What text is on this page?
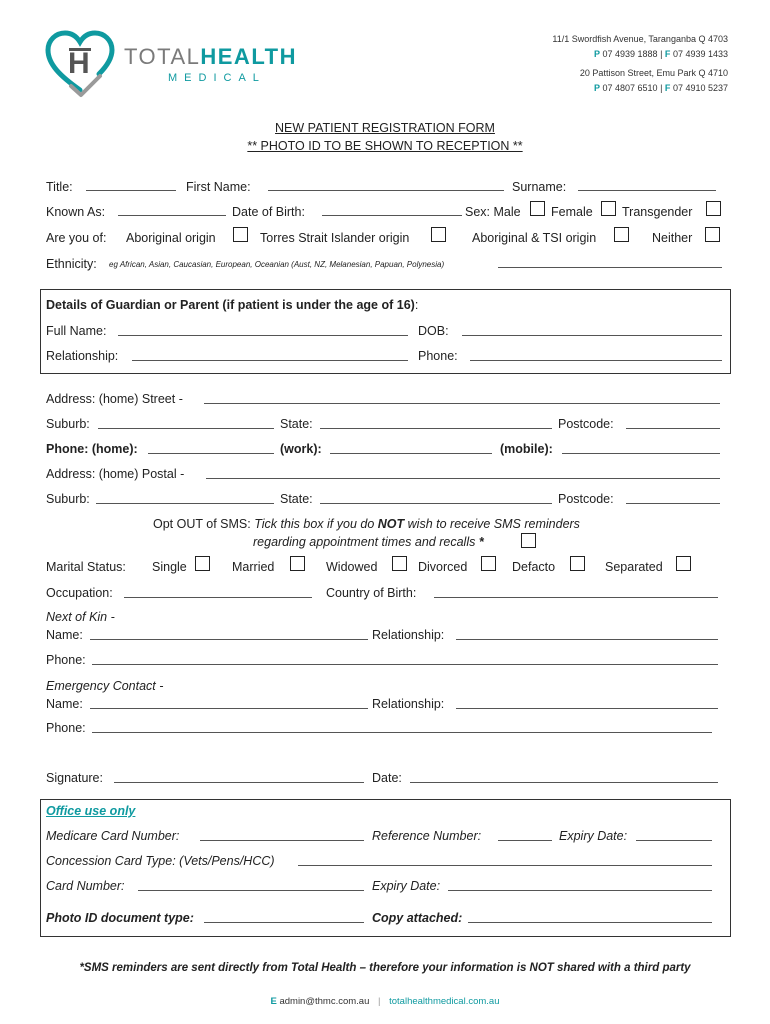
H TOTALHEALTH
MEDICAL
11/1 Swordfish Avenue, Taranganba Q 4703
P 07 4939 1888 | F 07 4939 1433
20 Pattison Street, Emu Park Q 4710
P 07 4807 6510 | F 07 4910 5237
NEW PATIENT REGISTRATION FORM
** PHOTO ID TO BE SHOWN TO RECEPTION **
Title:	First Name:	Surname:
Known As:	Date of Birth:	Sex: Male Female Transgender
Are you of: Aboriginal origin	Torres Strait Islander origin	Aboriginal & TSI origin	Neither
Ethnicity: eg African, Asian, Caucasian, European, Oceanian (Aust, NZ, Melanesian, Papuan, Polynesia)
Details of Guardian or Parent (if patient is under the age of 16):
Full Name:	DOB:
Relationship:	Phone:
Address: (home) Street -
Suburb:	State:	Postcode:
Phone: (home):	(work):	(mobile):
Address: (home) Postal -
Suburb:	State:	Postcode:
Opt OUT of SMS: Tick this box if you do NOT wish to receive SMS reminders
regarding appointment times and recalls *
Marital Status: Single	Married	Widowed	Divorced	Defacto	Separated
Occupation:	Country of Birth:
Next of Kin -
Name:	Relationship:
Phone:
Emergency Contact -
Name:	Relationship:
Phone:
Signature:	Date:
Office use only
Medicare Card Number:	Reference Number:	Expiry Date:
Concession Card Type: (Vets/Pens/HCC)
Card Number:	Expiry Date:
Photo ID document type:	Copy attached:
*SMS reminders are sent directly from Total Health – therefore your information is NOT shared with a third party
E admin@thmc.com.au | totalhealthmedical.com.au
